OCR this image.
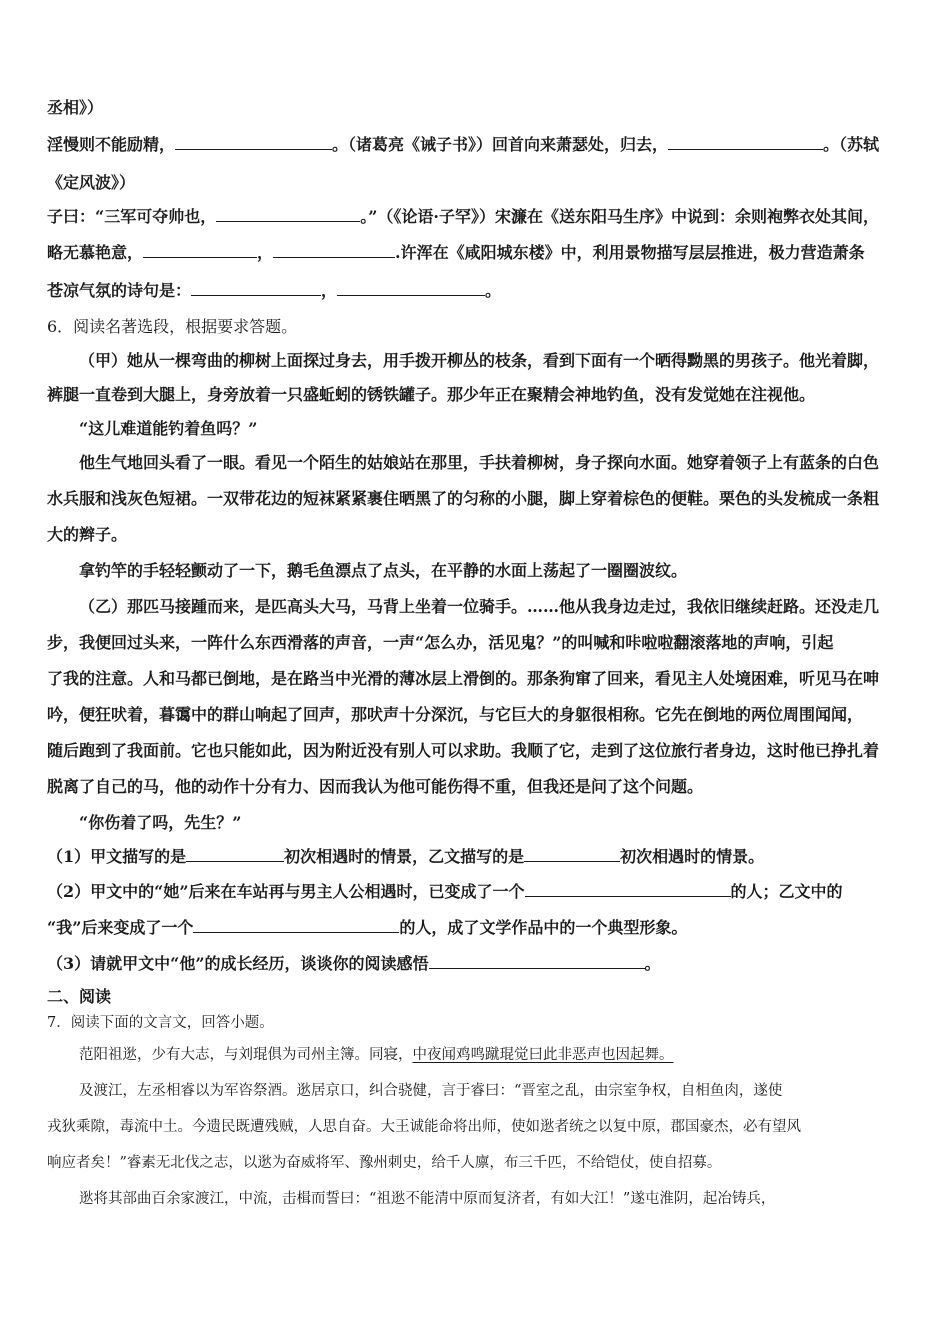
丞相》）
淫慢则不能励精，	。（诸葛亮《诫子书》）回首向来萧瑟处，归去，	。（苏轼
《定风波》）
子曰：“三军可夺帅也，	。”（《论语·子罕》）宋濂在《送东阳马生序》中说到：余则袍弊衣处其间，
略无慕艳意，	，	.许浑在《咸阳城东楼》中，利用景物描写层层推进，极力营造萧条
苍凉气氛的诗句是：	，	。
6．阅读名著选段，根据要求答题。
（甲）她从一棵弯曲的柳树上面探过身去，用手拨开柳丛的枝条，看到下面有一个晒得黝黑的男孩子。他光着脚，
裤腿一直卷到大腿上，身旁放着一只盛蚯蚓的锈铁罐子。那少年正在聚精会神地钓鱼，没有发觉她在注视他。
“这儿难道能钓着鱼吗？”
他生气地回头看了一眼。看见一个陌生的姑娘站在那里，手扶着柳树，身子探向水面。她穿着领子上有蓝条的白色
水兵服和浅灰色短裙。一双带花边的短袜紧紧裹住晒黑了的匀称的小腿，脚上穿着棕色的便鞋。栗色的头发梳成一条粗
大的辫子。
拿钓竿的手轻轻颤动了一下，鹅毛鱼漂点了点头，在平静的水面上荡起了一圈圈波纹。
（乙）那匹马接踵而来，是匹高头大马，马背上坐着一位骑手。……他从我身边走过，我依旧继续赶路。还没走几
步，我便回过头来，一阵什么东西滑落的声音，一声“怎么办，活见鬼？”的叫喊和咔啦啦翻滚落地的声响，引起
了我的注意。人和马都已倒地，是在路当中光滑的薄冰层上滑倒的。那条狗窜了回来，看见主人处境困难，听见马在呻
吟，便狂吠着，暮霭中的群山响起了回声，那吠声十分深沉，与它巨大的身躯很相称。它先在倒地的两位周围闻闻，
随后跑到了我面前。它也只能如此，因为附近没有别人可以求助。我顺了它，走到了这位旅行者身边，这时他已挣扎着
脱离了自己的马，他的动作十分有力、因而我认为他可能伤得不重，但我还是问了这个问题。
“你伤着了吗，先生？”
（1）甲文描写的是	初次相遇时的情景，乙文描写的是	初次相遇时的情景。
（2）甲文中的“她”后来在车站再与男主人公相遇时，已变成了一个	的人；乙文中的
“我”后来变成了一个	的人，成了文学作品中的一个典型形象。
（3）请就甲文中“他”的成长经历，谈谈你的阅读感悟	。
二、阅读
7．阅读下面的文言文，回答小题。
范阳祖逖，少有大志，与刘琨俱为司州主簿。同寝，中夜闻鸡鸣蹴琨觉曰此非恶声也因起舞。
及渡江，左丞相睿以为军咨祭酒。逖居京口，纠合骁健，言于睿曰：“晋室之乱，由宗室争权，自相鱼肉，遂使
戎狄乘隙，毒流中土。今遗民既遭残贼，人思自奋。大王诚能命将出师，使如逖者统之以复中原，郡国豪杰，必有望风
响应者矣！”睿素无北伐之志，以逖为奋威将军、豫州刺史，给千人廪，布三千匹，不给铠仗，使自招募。
逖将其部曲百余家渡江，中流，击楫而誓曰：“祖逖不能清中原而复济者，有如大江！”遂屯淮阴，起冶铸兵，
